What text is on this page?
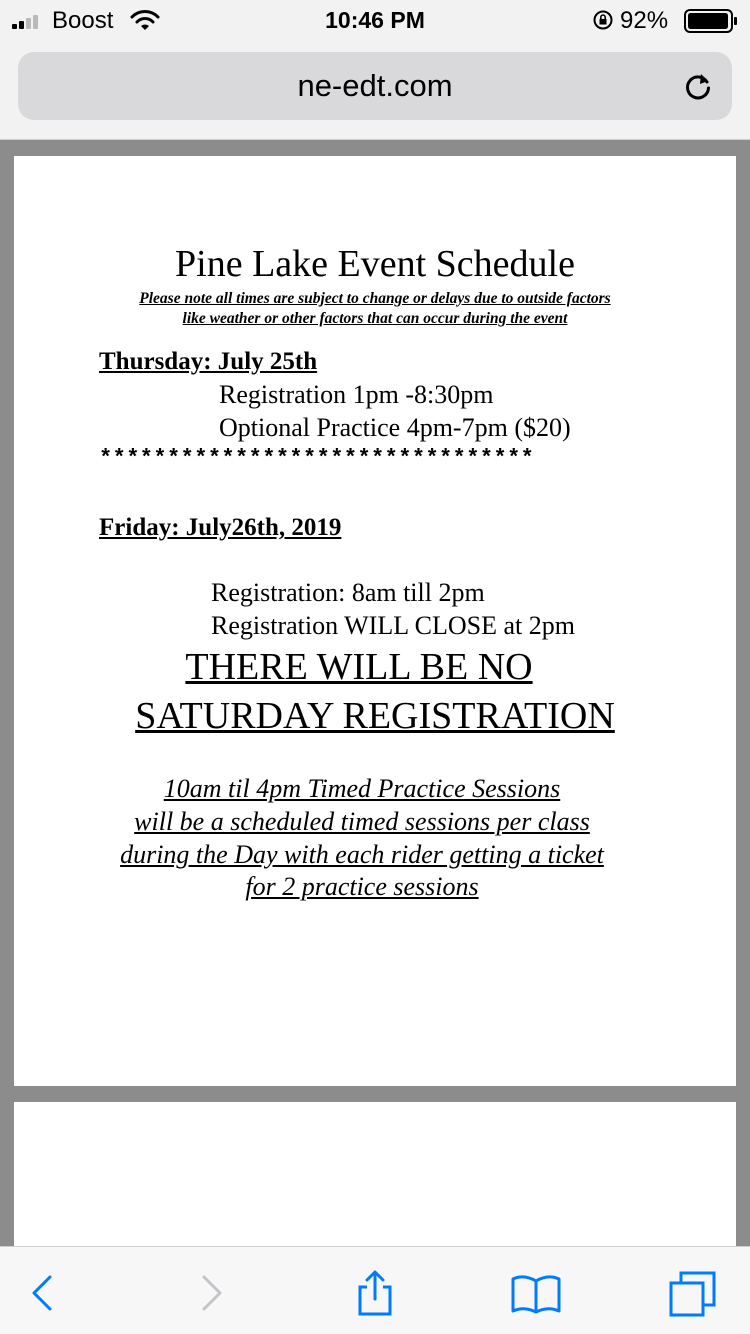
Boost	10:46 PM	92%
ne-edt.com
Pine Lake Event Schedule
Please note all times are subject to change or delays due to outside factors
like weather or other factors that can occur during the event
Thursday: July 25th
Registration 1pm -8:30pm
Optional Practice 4pm-7pm ($20)
********************************
Friday: July26th, 2019
Registration: 8am till 2pm
Registration WILL CLOSE at 2pm
THERE WILL BE NO
SATURDAY REGISTRATION
10am til 4pm Timed Practice Sessions
will be a scheduled timed sessions per class
during the Day with each rider getting a ticket
for 2 practice sessions
